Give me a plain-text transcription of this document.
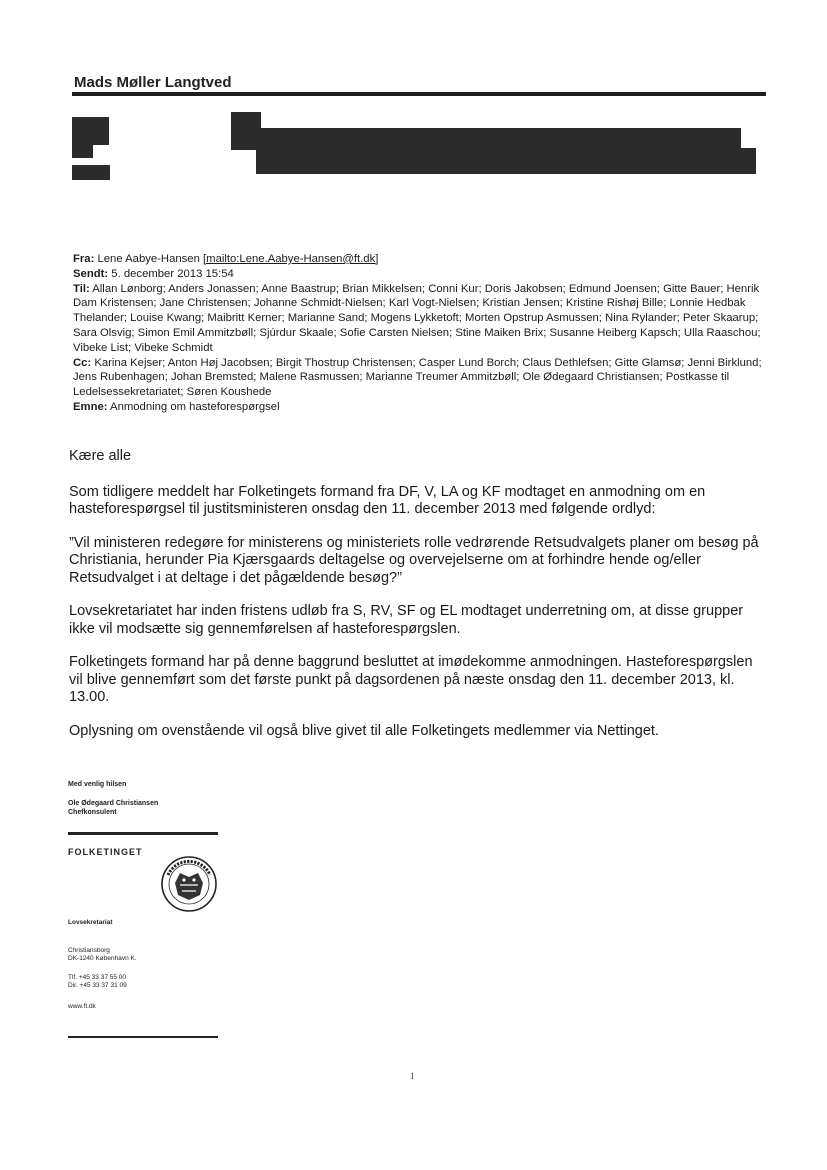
Mads Møller Langtved

Fra: Lene Aabye-Hansen [mailto:Lene.Aabye-Hansen@ft.dk]

Sendt: 5. december 2013 15:54

Til: Allan Lønborg; Anders Jonassen; Anne Baastrup; Brian Mikkelsen; Conni Kur; Doris Jakobsen; Edmund Joensen; Gitte Bauer; Henrik Dam Kristensen; Jane Christensen; Johanne Schmidt-Nielsen; Karl Vogt-Nielsen; Kristian Jensen; Kristine Rishøj Bille; Lonnie Hedbak Thelander; Louise Kwang; Maibritt Kerner; Marianne Sand; Mogens Lykketoft; Morten Opstrup Asmussen; Nina Rylander; Peter Skaarup; Sara Olsvig; Simon Emil Ammitzbøll; Sjúrdur Skaale; Sofie Carsten Nielsen; Stine Maiken Brix; Susanne Heiberg Kapsch; Ulla Raaschou; Vibeke List; Vibeke Schmidt

Cc: Karina Kejser; Anton Høj Jacobsen; Birgit Thostrup Christensen; Casper Lund Borch; Claus Dethlefsen; Gitte Glamsø; Jenni Birklund; Jens Rubenhagen; Johan Bremsted; Malene Rasmussen; Marianne Treumer Ammitzbøll; Ole Ødegaard Christiansen; Postkasse til Ledelsessekretariatet; Søren Koushede

Emne: Anmodning om hasteforespørgsel

Kære alle

Som tidligere meddelt har Folketingets formand fra DF, V, LA og KF modtaget en anmodning om en hasteforespørgsel til justitsministeren onsdag den 11. december 2013 med følgende ordlyd:

”Vil ministeren redegøre for ministerens og ministeriets rolle vedrørende Retsudvalgets planer om besøg på Christiania, herunder Pia Kjærsgaards deltagelse og overvejelserne om at forhindre hende og/eller Retsudvalget i at deltage i det pågældende besøg?”

Lovsekretariatet har inden fristens udløb fra S, RV, SF og EL modtaget underretning om, at disse grupper ikke vil modsætte sig gennemførelsen af hasteforespørgslen.

Folketingets formand har på denne baggrund besluttet at imødekomme anmodningen. Hasteforespørgslen vil blive gennemført som det første punkt på dagsordenen på næste onsdag den 11. december 2013, kl. 13.00.

Oplysning om ovenstående vil også blive givet til alle Folketingets medlemmer via Nettinget.

Med venlig hilsen
Ole Ødegaard Christiansen
Chefkonsulent
FOLKETINGET
Lovsekretariat
Christiansborg
DK-1240 København K.
Tlf. +45 33 37 55 00
Dir. +45 33 37 31 09
www.ft.dk
1
